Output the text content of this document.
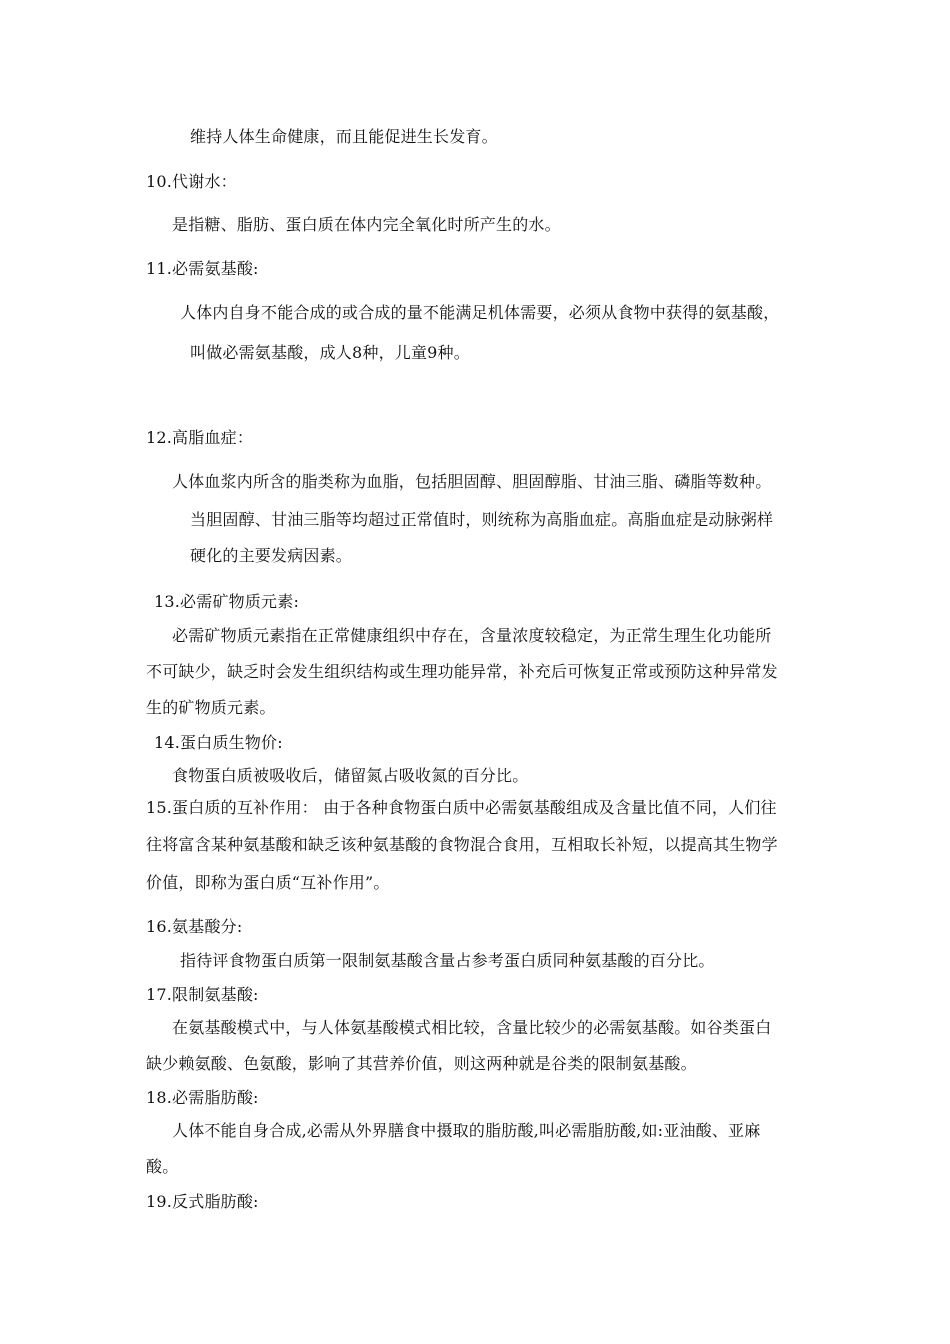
维持人体生命健康，而且能促进生长发育。
10.代谢水：
是指糖、脂肪、蛋白质在体内完全氧化时所产生的水。
11.必需氨基酸:
人体内自身不能合成的或合成的量不能满足机体需要，必须从食物中获得的氨基酸，
叫做必需氨基酸，成人8种，儿童9种。
12.高脂血症：
人体血浆内所含的脂类称为血脂，包括胆固醇、胆固醇脂、甘油三脂、磷脂等数种。
当胆固醇、甘油三脂等均超过正常值时，则统称为高脂血症。高脂血症是动脉粥样
硬化的主要发病因素。
13.必需矿物质元素:
必需矿物质元素指在正常健康组织中存在，含量浓度较稳定，为正常生理生化功能所
不可缺少，缺乏时会发生组织结构或生理功能异常，补充后可恢复正常或预防这种异常发
生的矿物质元素。
14.蛋白质生物价:
食物蛋白质被吸收后，储留氮占吸收氮的百分比。
15.蛋白质的互补作用： 由于各种食物蛋白质中必需氨基酸组成及含量比值不同，人们往
往将富含某种氨基酸和缺乏该种氨基酸的食物混合食用，互相取长补短，以提高其生物学
价值，即称为蛋白质“互补作用”。
16.氨基酸分:
指待评食物蛋白质第一限制氨基酸含量占参考蛋白质同种氨基酸的百分比。
17.限制氨基酸:
在氨基酸模式中，与人体氨基酸模式相比较，含量比较少的必需氨基酸。如谷类蛋白
缺少赖氨酸、色氨酸，影响了其营养价值，则这两种就是谷类的限制氨基酸。
18.必需脂肪酸:
人体不能自身合成,必需从外界膳食中摄取的脂肪酸,叫必需脂肪酸,如:亚油酸、亚麻
酸。
19.反式脂肪酸:
